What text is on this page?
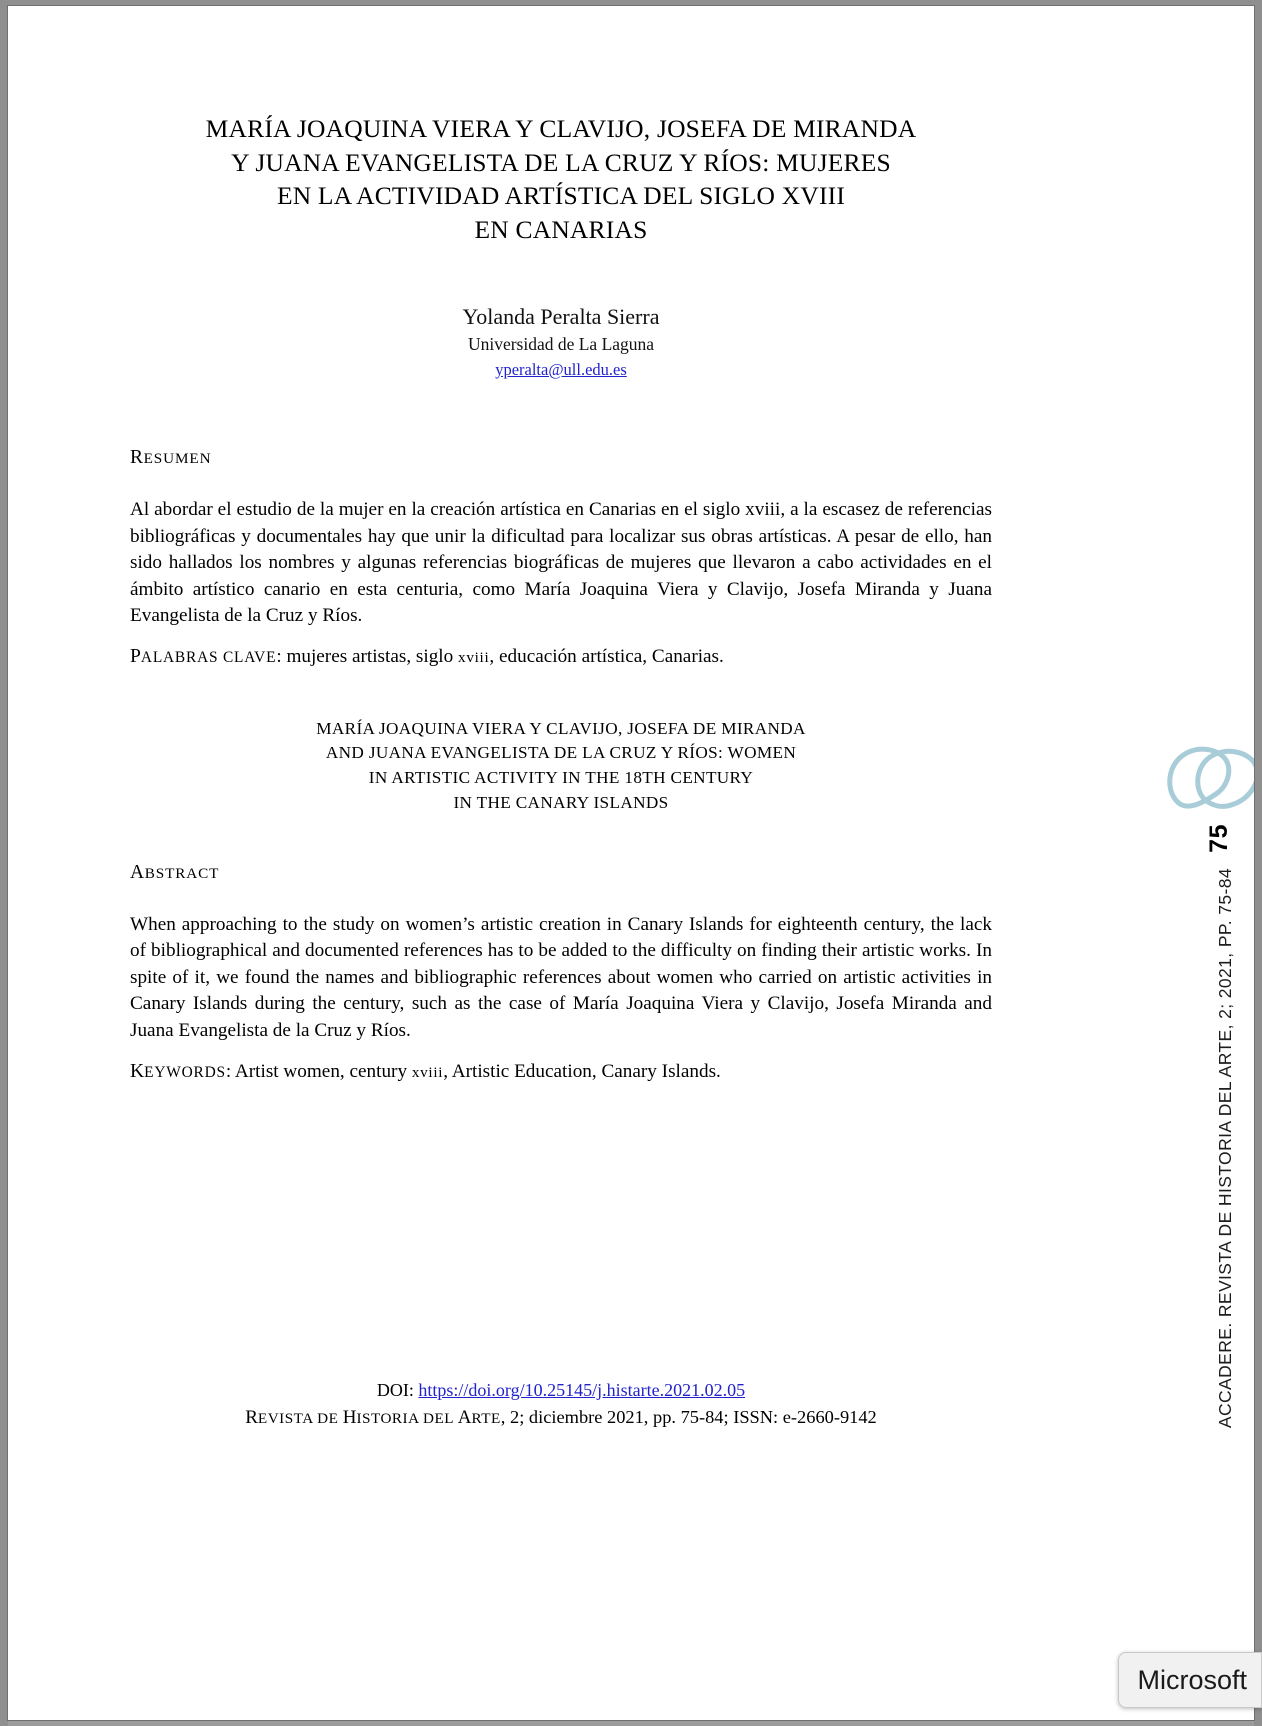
MARÍA JOAQUINA VIERA Y CLAVIJO, JOSEFA DE MIRANDA
Y JUANA EVANGELISTA DE LA CRUZ Y RÍOS: MUJERES
EN LA ACTIVIDAD ARTÍSTICA DEL SIGLO XVIII
EN CANARIAS
Yolanda Peralta Sierra
Universidad de La Laguna
yperalta@ull.edu.es
RESUMEN

Al abordar el estudio de la mujer en la creación artística en Canarias en el siglo xviii, a la escasez de referencias bibliográficas y documentales hay que unir la dificultad para localizar sus obras artísticas. A pesar de ello, han sido hallados los nombres y algunas referencias biográficas de mujeres que llevaron a cabo actividades en el ámbito artístico canario en esta centuria, como María Joaquina Viera y Clavijo, Josefa Miranda y Juana Evangelista de la Cruz y Ríos.

PALABRAS CLAVE: mujeres artistas, siglo xviii, educación artística, Canarias.

MARÍA JOAQUINA VIERA Y CLAVIJO, JOSEFA DE MIRANDA
AND JUANA EVANGELISTA DE LA CRUZ Y RÍOS: WOMEN
IN ARTISTIC ACTIVITY IN THE 18TH CENTURY
IN THE CANARY ISLANDS
ABSTRACT

When approaching to the study on women’s artistic creation in Canary Islands for eighteenth century, the lack of bibliographical and documented references has to be added to the difficulty on finding their artistic works. In spite of it, we found the names and bibliographic references about women who carried on artistic activities in Canary Islands during the century, such as the case of María Joaquina Viera y Clavijo, Josefa Miranda and Juana Evangelista de la Cruz y Ríos.

KEYWORDS: Artist women, century xviii, Artistic Education, Canary Islands.

DOI: https://doi.org/10.25145/j.histarte.2021.02.05
REVISTA DE HISTORIA DEL ARTE, 2; diciembre 2021, pp. 75-84; ISSN: e-2660-9142
75
ACCADERE. REVISTA DE HISTORIA DEL ARTE, 2; 2021, PP. 75-84
Microsoft
